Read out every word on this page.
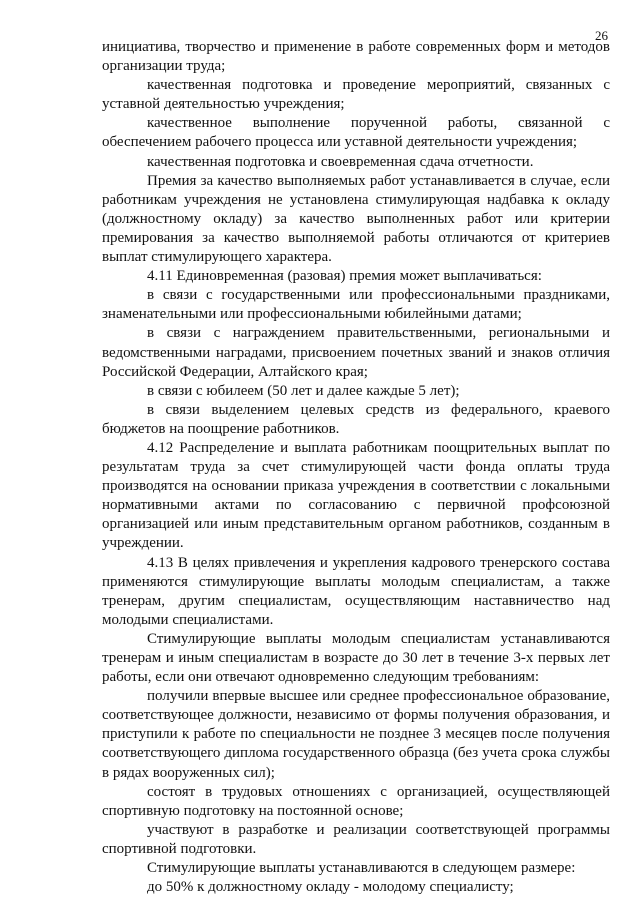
26

инициатива, творчество и применение в работе современных форм и методов организации труда;

качественная подготовка и проведение мероприятий, связанных с уставной деятельностью учреждения;

качественное выполнение порученной работы, связанной с обеспечением рабочего процесса или уставной деятельности учреждения;

качественная подготовка и своевременная сдача отчетности.

Премия за качество выполняемых работ устанавливается в случае, если работникам учреждения не установлена стимулирующая надбавка к окладу (должностному окладу) за качество выполненных работ или критерии премирования за качество выполняемой работы отличаются от критериев выплат стимулирующего характера.

4.11 Единовременная (разовая) премия может выплачиваться:

в связи с государственными или профессиональными праздниками, знаменательными или профессиональными юбилейными датами;

в связи с награждением правительственными, региональными и ведомственными наградами, присвоением почетных званий и знаков отличия Российской Федерации, Алтайского края;

в связи с юбилеем (50 лет и далее каждые 5 лет);

в связи выделением целевых средств из федерального, краевого бюджетов на поощрение работников.

4.12 Распределение и выплата работникам поощрительных выплат по результатам труда за счет стимулирующей части фонда оплаты труда производятся на основании приказа учреждения в соответствии с локальными нормативными актами по согласованию с первичной профсоюзной организацией или иным представительным органом работников, созданным в учреждении.

4.13 В целях привлечения и укрепления кадрового тренерского состава применяются стимулирующие выплаты молодым специалистам, а также тренерам, другим специалистам, осуществляющим наставничество над молодыми специалистами.

Стимулирующие выплаты молодым специалистам устанавливаются тренерам и иным специалистам в возрасте до 30 лет в течение 3-х первых лет работы, если они отвечают одновременно следующим требованиям:

получили впервые высшее или среднее профессиональное образование, соответствующее должности, независимо от формы получения образования, и приступили к работе по специальности не позднее 3 месяцев после получения соответствующего диплома государственного образца (без учета срока службы в рядах вооруженных сил);

состоят в трудовых отношениях с организацией, осуществляющей спортивную подготовку на постоянной основе;

участвуют в разработке и реализации соответствующей программы спортивной подготовки.

Стимулирующие выплаты устанавливаются в следующем размере:

до 50% к должностному окладу - молодому специалисту;
